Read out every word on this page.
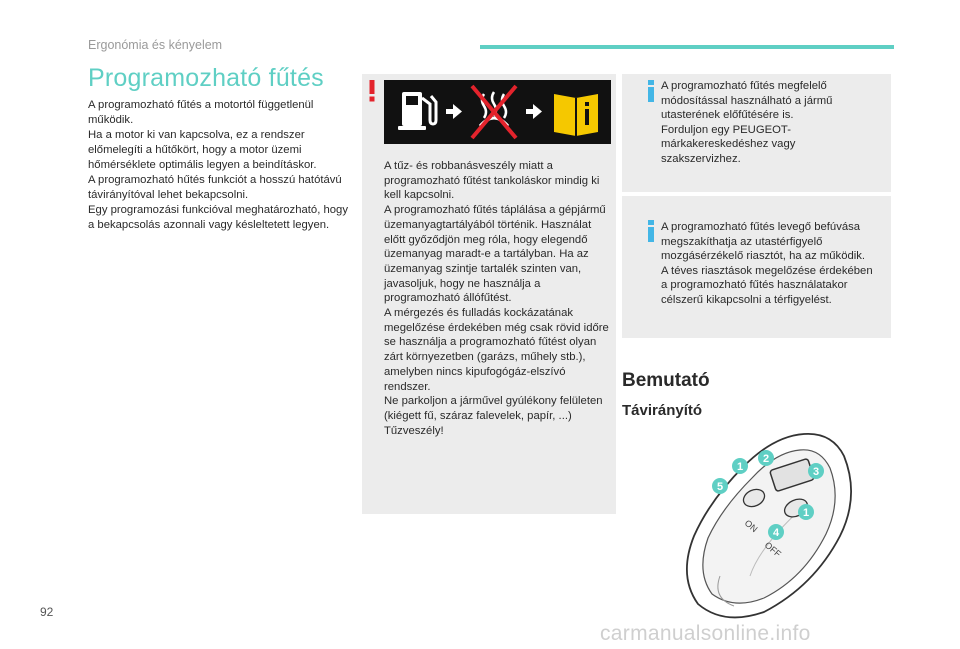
Ergonómia és kényelem
Programozható fűtés

A programozható fűtés a motortól függetlenül működik.

Ha a motor ki van kapcsolva, ez a rendszer előmelegíti a hűtőkört, hogy a motor üzemi hőmérséklete optimális legyen a beindításkor.

A programozható hűtés funkciót a hosszú hatótávú távirányítóval lehet bekapcsolni.

Egy programozási funkcióval meghatározható, hogy a bekapcsolás azonnali vagy késleltetett legyen.

A tűz- és robbanásveszély miatt a programozható fűtést tankoláskor mindig ki kell kapcsolni.

A programozható fűtés táplálása a gépjármű üzemanyagtartályából történik. Használat előtt győződjön meg róla, hogy elegendő üzemanyag maradt-e a tartályban. Ha az üzemanyag szintje tartalék szinten van, javasoljuk, hogy ne használja a programozható állófűtést.

A mérgezés és fulladás kockázatának megelőzése érdekében még csak rövid időre se használja a programozható fűtést olyan zárt környezetben (garázs, műhely stb.), amelyben nincs kipufogógáz-elszívó rendszer.

Ne parkoljon a járművel gyúlékony felületen (kiégett fű, száraz falevelek, papír, ...) Tűzveszély!

A programozható fűtés megfelelő módosítással használható a jármű utasterének előfűtésére is.

Forduljon egy PEUGEOT-márkakereskedéshez vagy szakszervizhez.

A programozható fűtés levegő befúvása megszakíthatja az utastérfigyelő mozgásérzékelő riasztót, ha az működik.

A téves riasztások megelőzése érdekében a programozható fűtés használatakor célszerű kikapcsolni a térfigyelést.

Bemutató
Távirányító
ON
OFF
1
2
3
5
1
4
92
carmanualsonline.info
